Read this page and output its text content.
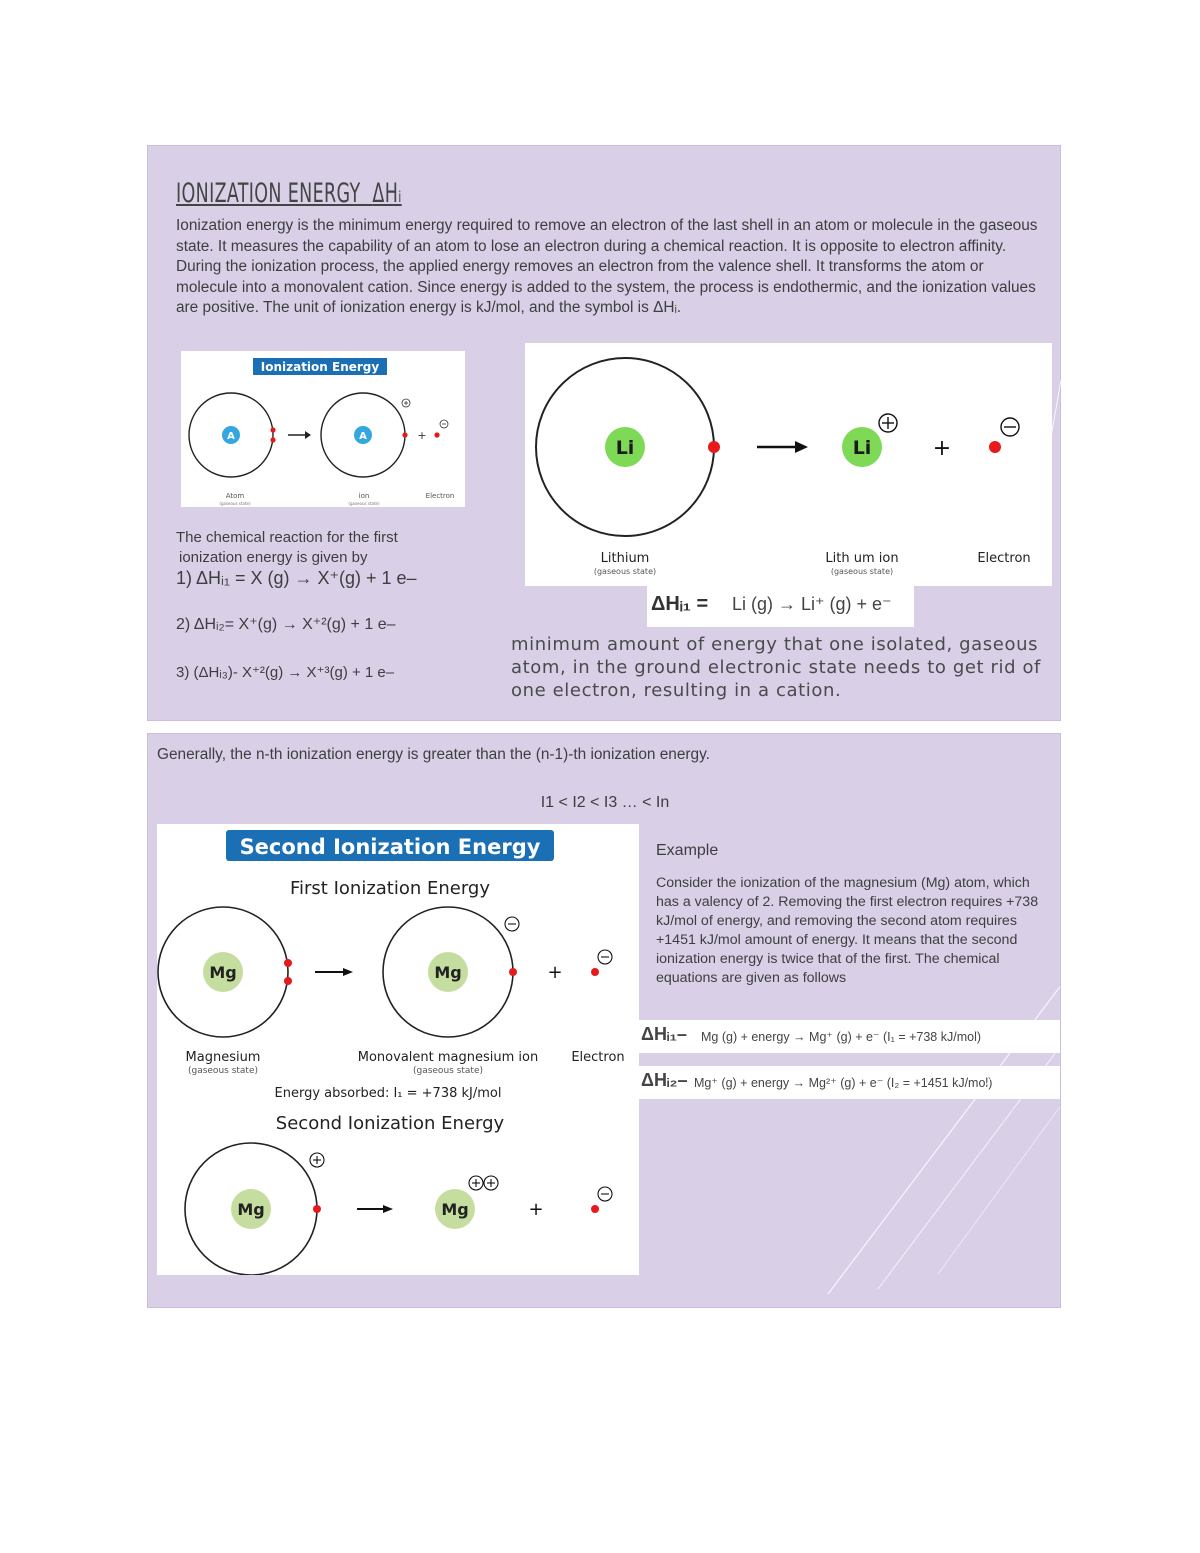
IONIZATION ENERGY ΔHᵢ
Ionization energy is the minimum energy required to remove an electron of the last shell in an atom or molecule in the gaseous state. It measures the capability of an atom to lose an electron during a chemical reaction. It is opposite to electron affinity.
During the ionization process, the applied energy removes an electron from the valence shell. It transforms the atom or molecule into a monovalent cation. Since energy is added to the system, the process is endothermic, and the ionization values are positive. The unit of ionization energy is kJ/mol, and the symbol is ΔHᵢ.
Ionization Energy
A	A	+
Atom
(gaseous state)
ion
(gaseous state)
Electron
The chemical reaction for the first
ionization energy is given by
1) ΔHᵢ₁ = X (g) → X⁺(g) + 1 e–
2) ΔHᵢ₂= X⁺(g) → X⁺²(g) + 1 e–
3) (ΔHᵢ₃)- X⁺²(g) → X⁺³(g) + 1 e–
Li	Li	+
Lithium
(gaseous state)
Lith um ion
(gaseous state)
Electron
ΔHᵢ₁ = Li (g) → Li⁺ (g) + e⁻
minimum amount of energy that one isolated, gaseous atom, in the ground electronic state needs to get rid of one electron, resulting in a cation.
Generally, the n-th ionization energy is greater than the (n-1)-th ionization energy.
I1 < I2 < I3 … < In
Second Ionization Energy
First Ionization Energy
Mg	Mg	+
Magnesium
(gaseous state)
Monovalent magnesium ion
(gaseous state)
Electron
Energy absorbed: I₁ = +738 kJ/mol
Second Ionization Energy
Mg	Mg	+
Example
Consider the ionization of the magnesium (Mg) atom, which has a valency of 2. Removing the first electron requires +738 kJ/mol of energy, and removing the second atom requires +1451 kJ/mol amount of energy. It means that the second ionization energy is twice that of the first. The chemical equations are given as follows
ΔHᵢ₁– Mg (g) + energy → Mg⁺ (g) + e⁻ (I₁ = +738 kJ/mol)
ΔHᵢ₂– Mg⁺ (g) + energy → Mg²⁺ (g) + e⁻ (I₂ = +1451 kJ/mol)
